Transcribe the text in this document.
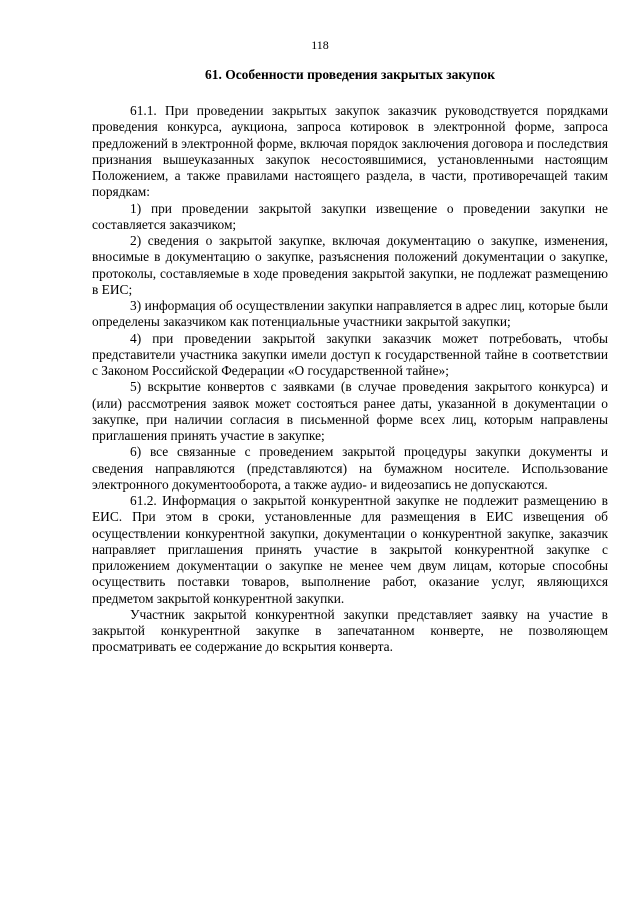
118
61. Особенности проведения закрытых закупок

61.1. При проведении закрытых закупок заказчик руководствуется порядками проведения конкурса, аукциона, запроса котировок в электронной форме, запроса предложений в электронной форме, включая порядок заключения договора и последствия признания вышеуказанных закупок несостоявшимися, установленными настоящим Положением, а также правилами настоящего раздела, в части, противоречащей таким порядкам:

1) при проведении закрытой закупки извещение о проведении закупки не составляется заказчиком;

2) сведения о закрытой закупке, включая документацию о закупке, изменения, вносимые в документацию о закупке, разъяснения положений документации о закупке, протоколы, составляемые в ходе проведения закрытой закупки, не подлежат размещению в ЕИС;

3) информация об осуществлении закупки направляется в адрес лиц, которые были определены заказчиком как потенциальные участники закрытой закупки;

4) при проведении закрытой закупки заказчик может потребовать, чтобы представители участника закупки имели доступ к государственной тайне в соответствии с Законом Российской Федерации «О государственной тайне»;

5) вскрытие конвертов с заявками (в случае проведения закрытого конкурса) и (или) рассмотрения заявок может состояться ранее даты, указанной в документации о закупке, при наличии согласия в письменной форме всех лиц, которым направлены приглашения принять участие в закупке;

6) все связанные с проведением закрытой процедуры закупки документы и сведения направляются (представляются) на бумажном носителе. Использование электронного документооборота, а также аудио- и видеозапись не допускаются.

61.2. Информация о закрытой конкурентной закупке не подлежит размещению в ЕИС. При этом в сроки, установленные для размещения в ЕИС извещения об осуществлении конкурентной закупки, документации о конкурентной закупке, заказчик направляет приглашения принять участие в закрытой конкурентной закупке с приложением документации о закупке не менее чем двум лицам, которые способны осуществить поставки товаров, выполнение работ, оказание услуг, являющихся предметом закрытой конкурентной закупки.

Участник закрытой конкурентной закупки представляет заявку на участие в закрытой конкурентной закупке в запечатанном конверте, не позволяющем просматривать ее содержание до вскрытия конверта.
